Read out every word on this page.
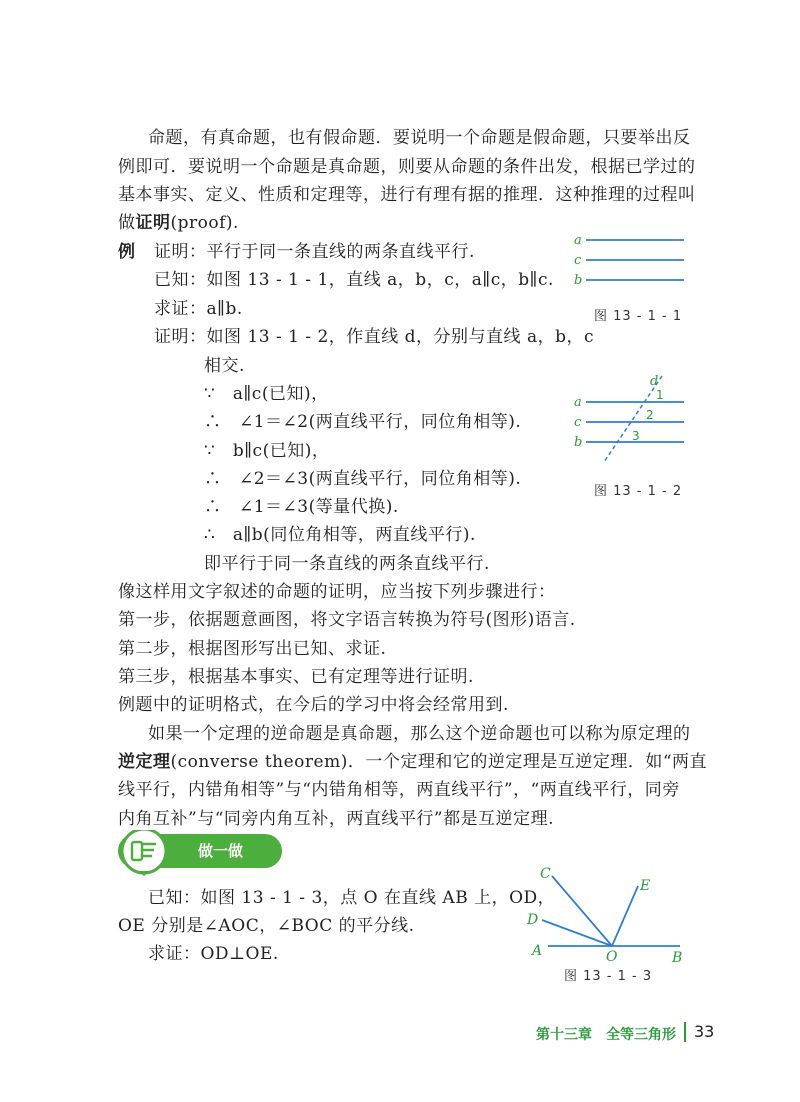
命题，有真命题，也有假命题．要说明一个命题是假命题，只要举出反
例即可．要说明一个命题是真命题，则要从命题的条件出发，根据已学过的
基本事实、定义、性质和定理等，进行有理有据的推理．这种推理的过程叫
做证明(proof).
例 证明：平行于同一条直线的两条直线平行.
已知：如图 13 - 1 - 1，直线 a，b，c，a∥c，b∥c.
求证：a∥b.
证明：如图 13 - 1 - 2，作直线 d，分别与直线 a，b，c
相交.
∵　a∥c(已知)，
∴　∠1＝∠2(两直线平行，同位角相等).
∵　b∥c(已知)，
∴　∠2＝∠3(两直线平行，同位角相等).
∴　∠1＝∠3(等量代换).
∴　a∥b(同位角相等，两直线平行).
即平行于同一条直线的两条直线平行.
a
c
b
图 13 - 1 - 1
a
c
b
d
1
2
3
图 13 - 1 - 2
像这样用文字叙述的命题的证明，应当按下列步骤进行：
第一步，依据题意画图，将文字语言转换为符号(图形)语言.
第二步，根据图形写出已知、求证.
第三步，根据基本事实、已有定理等进行证明.
例题中的证明格式，在今后的学习中将会经常用到.
如果一个定理的逆命题是真命题，那么这个逆命题也可以称为原定理的
逆定理(converse theorem)．一个定理和它的逆定理是互逆定理．如“两直
线平行，内错角相等”与“内错角相等，两直线平行”，“两直线平行，同旁
内角互补”与“同旁内角互补，两直线平行”都是互逆定理.
做一做
已知：如图 13 - 1 - 3，点 O 在直线 AB 上，OD，
OE 分别是∠AOC，∠BOC 的平分线.
求证：OD⊥OE.	A	B
C
D
E
O
图 13 - 1 - 3
第十三章　全等三角形 33
